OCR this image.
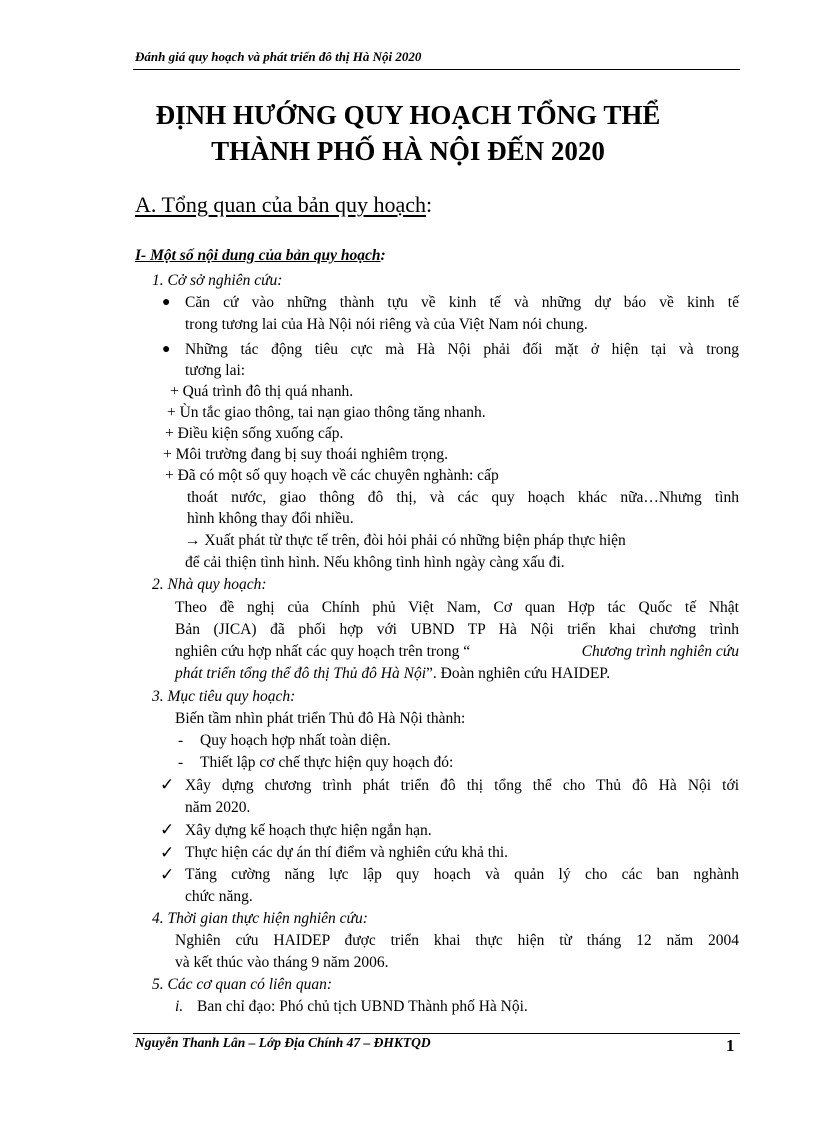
Đánh giá quy hoạch và phát triển đô thị Hà Nội 2020
ĐỊNH HƯỚNG QUY HOẠCH TỔNG THỂ
THÀNH PHỐ HÀ NỘI ĐẾN 2020
A. Tổng quan của bản quy hoạch:
I- Một số nội dung của bản quy hoạch:
1. Cở sở nghiên cứu:
● Căn cứ vào những thành tựu về kinh tế và những dự báo về kinh tế
trong tương lai của Hà Nội nói riêng và của Việt Nam nói chung.
● Những tác động tiêu cực mà Hà Nội phải đối mặt ở hiện tại và trong
tương lai:
+ Quá trình đô thị quá nhanh.
+ Ùn tắc giao thông, tai nạn giao thông tăng nhanh.
+ Điều kiện sống xuống cấp.
+ Môi trường đang bị suy thoái nghiêm trọng.
+ Đã có một số quy hoạch về các chuyên nghành: cấp
thoát nước, giao thông đô thị, và các quy hoạch khác nữa…Nhưng tình
hình không thay đổi nhiều.
→ Xuất phát từ thực tế trên, đòi hỏi phải có những biện pháp thực hiện
để cải thiện tình hình. Nếu không tình hình ngày càng xấu đi.
2. Nhà quy hoạch:
Theo đề nghị của Chính phủ Việt Nam, Cơ quan Hợp tác Quốc tế Nhật
Bản (JICA) đã phối hợp với UBND TP Hà Nội triển khai chương trình
nghiên cứu hợp nhất các quy hoạch trên trong “	Chương trình nghiên cứu
phát triển tổng thể đô thị Thủ đô Hà Nội”. Đoàn nghiên cứu HAIDEP.
3. Mục tiêu quy hoạch:
Biến tầm nhìn phát triển Thủ đô Hà Nội thành:
- Quy hoạch hợp nhất toàn diện.
- Thiết lập cơ chế thực hiện quy hoạch đó:
✓ Xây dựng chương trình phát triển đô thị tổng thể cho Thủ đô Hà Nội tới
năm 2020.
✓ Xây dựng kế hoạch thực hiện ngắn hạn.
✓ Thực hiện các dự án thí điểm và nghiên cứu khả thi.
✓ Tăng cường năng lực lập quy hoạch và quản lý cho các ban nghành
chức năng.
4. Thời gian thực hiện nghiên cứu:
Nghiên cứu HAIDEP được triển khai thực hiện từ tháng 12 năm 2004
và kết thúc vào tháng 9 năm 2006.
5. Các cơ quan có liên quan:
i. Ban chỉ đạo: Phó chủ tịch UBND Thành phố Hà Nội.
Nguyễn Thanh Lân – Lớp Địa Chính 47 – ĐHKTQD	1
